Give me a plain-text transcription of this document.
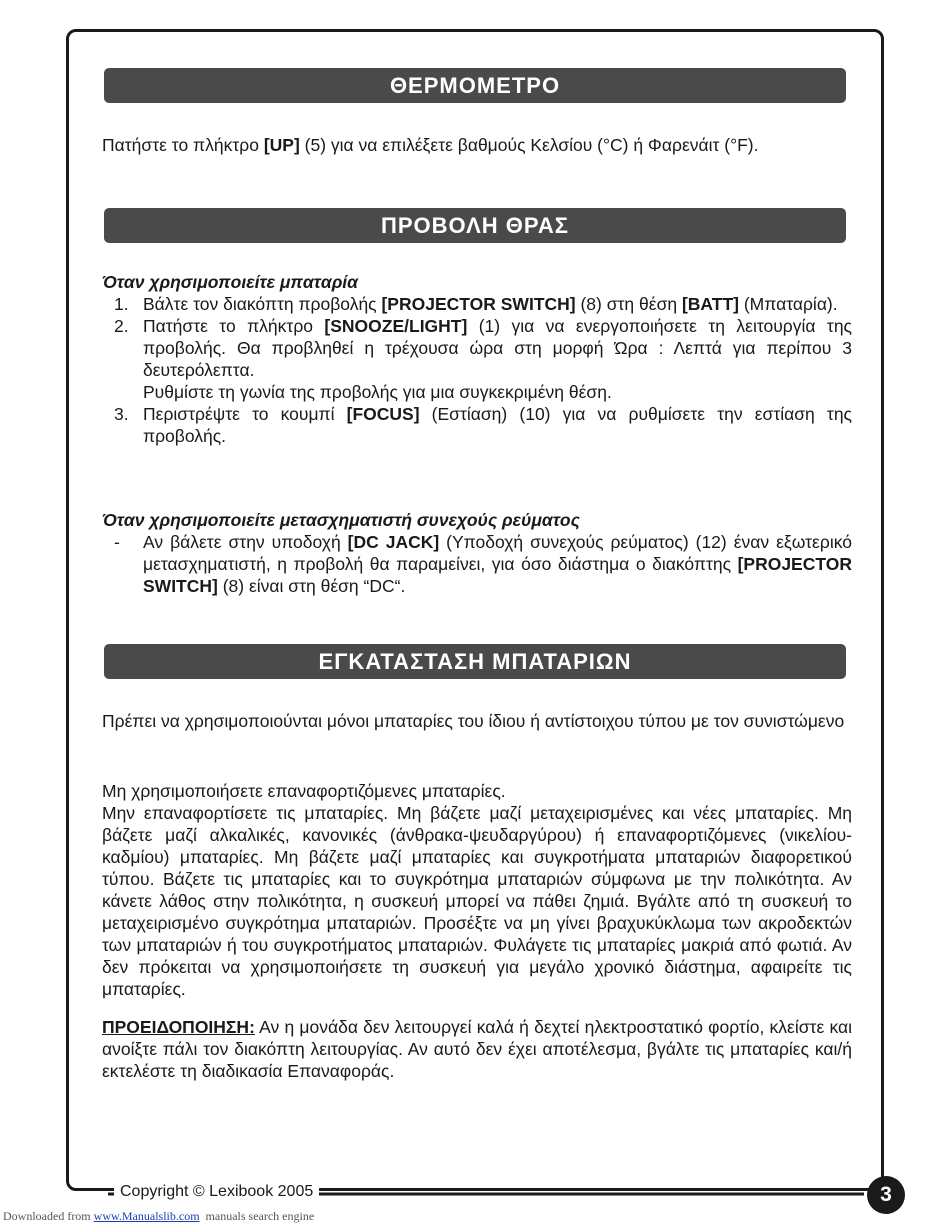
ΘΕΡΜΟΜΕΤΡΟ

Πατήστε το πλήκτρο [UP] (5) για να επιλέξετε βαθμούς Κελσίου (°C) ή Φαρενάιτ (°F).

ΠΡΟΒΟΛΗ ΘΡΑΣ

Όταν χρησιμοποιείτε μπαταρία

1. Βάλτε τον διακόπτη προβολής [PROJECTOR SWITCH] (8) στη θέση [BATT] (Μπαταρία).
2. Πατήστε το πλήκτρο [SNOOZE/LIGHT] (1) για να ενεργοποιήσετε τη λειτουργία της προβολής. Θα προβληθεί η τρέχουσα ώρα στη μορφή Ώρα : Λεπτά για περίπου 3 δευτερόλεπτα.
Ρυθμίστε τη γωνία της προβολής για μια συγκεκριμένη θέση.
3. Περιστρέψτε το κουμπί [FOCUS] (Εστίαση) (10) για να ρυθμίσετε την εστίαση της προβολής.

Όταν χρησιμοποιείτε μετασχηματιστή συνεχούς ρεύματος

- Αν βάλετε στην υποδοχή [DC JACK] (Υποδοχή συνεχούς ρεύματος) (12) έναν εξωτερικό μετασχηματιστή, η προβολή θα παραμείνει, για όσο διάστημα ο διακόπτης [PROJECTOR SWITCH] (8) είναι στη θέση “DC“.
ΕΓΚΑΤΑΣΤΑΣΗ ΜΠΑΤΑΡΙΩΝ

Πρέπει να χρησιμοποιούνται μόνοι μπαταρίες του ίδιου ή αντίστοιχου τύπου με τον συνιστώμενο

Μη χρησιμοποιήσετε επαναφορτιζόμενες μπαταρίες.

Μην επαναφορτίσετε τις μπαταρίες. Μη βάζετε μαζί μεταχειρισμένες και νέες μπαταρίες. Μη βάζετε μαζί αλκαλικές, κανονικές (άνθρακα-ψευδαργύρου) ή επαναφορτιζόμενες (νικελίου-καδμίου) μπαταρίες. Μη βάζετε μαζί μπαταρίες και συγκροτήματα μπαταριών διαφορετικού τύπου. Βάζετε τις μπαταρίες και το συγκρότημα μπαταριών σύμφωνα με την πολικότητα. Αν κάνετε λάθος στην πολικότητα, η συσκευή μπορεί να πάθει ζημιά. Βγάλτε από τη συσκευή το μεταχειρισμένο συγκρότημα μπαταριών. Προσέξτε να μη γίνει βραχυκύκλωμα των ακροδεκτών των μπαταριών ή του συγκροτήματος μπαταριών. Φυλάγετε τις μπαταρίες μακριά από φωτιά. Αν δεν πρόκειται να χρησιμοποιήσετε τη συσκευή για μεγάλο χρονικό διάστημα, αφαιρείτε τις μπαταρίες.

ΠΡΟΕΙΔΟΠΟΙΗΣΗ: Αν η μονάδα δεν λειτουργεί καλά ή δεχτεί ηλεκτροστατικό φορτίο, κλείστε και ανοίξτε πάλι τον διακόπτη λειτουργίας. Αν αυτό δεν έχει αποτέλεσμα, βγάλτε τις μπαταρίες και/ή εκτελέστε τη διαδικασία Επαναφοράς.

Copyright © Lexibook 2005	3
Downloaded from www.Manualslib.com  manuals search engine
